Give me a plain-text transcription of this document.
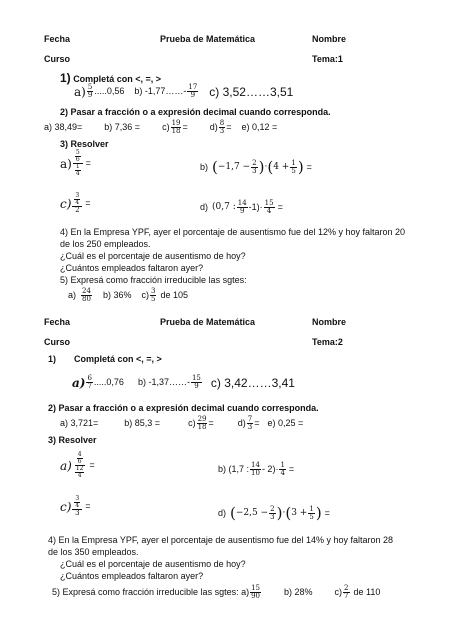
Fecha	Prueba de Matemática	Nombre
Curso	Tema:1
1) Completá con <, =, >
a) 5
9 .....0,56 b) -1,77……- 17
9 c) 3,52……3,51
2) Pasar a fracción o a expresión decimal cuando corresponda.
a) 38,49= b) $7,36 = c) \frac{19}{18} = d) \frac{8}{3} = e$) 0,12 =
3) Resolver
$a) \frac{\frac{5}{6}}{\frac{1}{4}}$ =	b) ( $-1,7 - \frac{2}{3}$ ) · ( $4 + \frac{1}{5}$ ) =
$c) \frac{\frac{3}{4}}{2}$ =	d) (0,7 : 14
9 $-1)\cdot \frac{15}{4}$ =
4) En la Empresa YPF, ayer el porcentaje de ausentismo fue del 12% y hoy faltaron 20
de los 250 empleados.
¿Cuál es el porcentaje de ausentismo de hoy?
¿Cuántos empleados faltaron ayer?
5) Expresá como fracción irreducible las sgtes:
a) 24
80 b) 36% c) 3
5 de 105
Fecha	Prueba de Matemática	Nombre
Curso	Tema:2
1) Completá con <, =, >
a) 6
7 .....0,76 b) -1,37……- 15
9 c) 3,42……3,41
2) Pasar a fracción o a expresión decimal cuando corresponda.
a) 3,721=	b) 85,3 =	$c) \frac{29}{18}$ =	$d) \frac{7}{3} = e$) 0,25 =
3) Resolver
$a) \frac{\frac{4}{6}}{\frac{12}{4}}$ =	b) (1,7 : 14
$10 - 2)\cdot \frac{1}{4}$ =
$c) \frac{\frac{3}{4}}{3}$ =
d) ( $-2,5 - \frac{2}{3}$ ) · ( $3 + \frac{1}{5}$ ) =
4) En la Empresa YPF, ayer el porcentaje de ausentismo fue del 14% y hoy faltaron 28
de los 350 empleados.
¿Cuál es el porcentaje de ausentismo de hoy?
¿Cuántos empleados faltaron ayer?
5) Expresá como fracción irreducible las sgtes: a) 15
90	b) 28% c) 2
7 de 110
